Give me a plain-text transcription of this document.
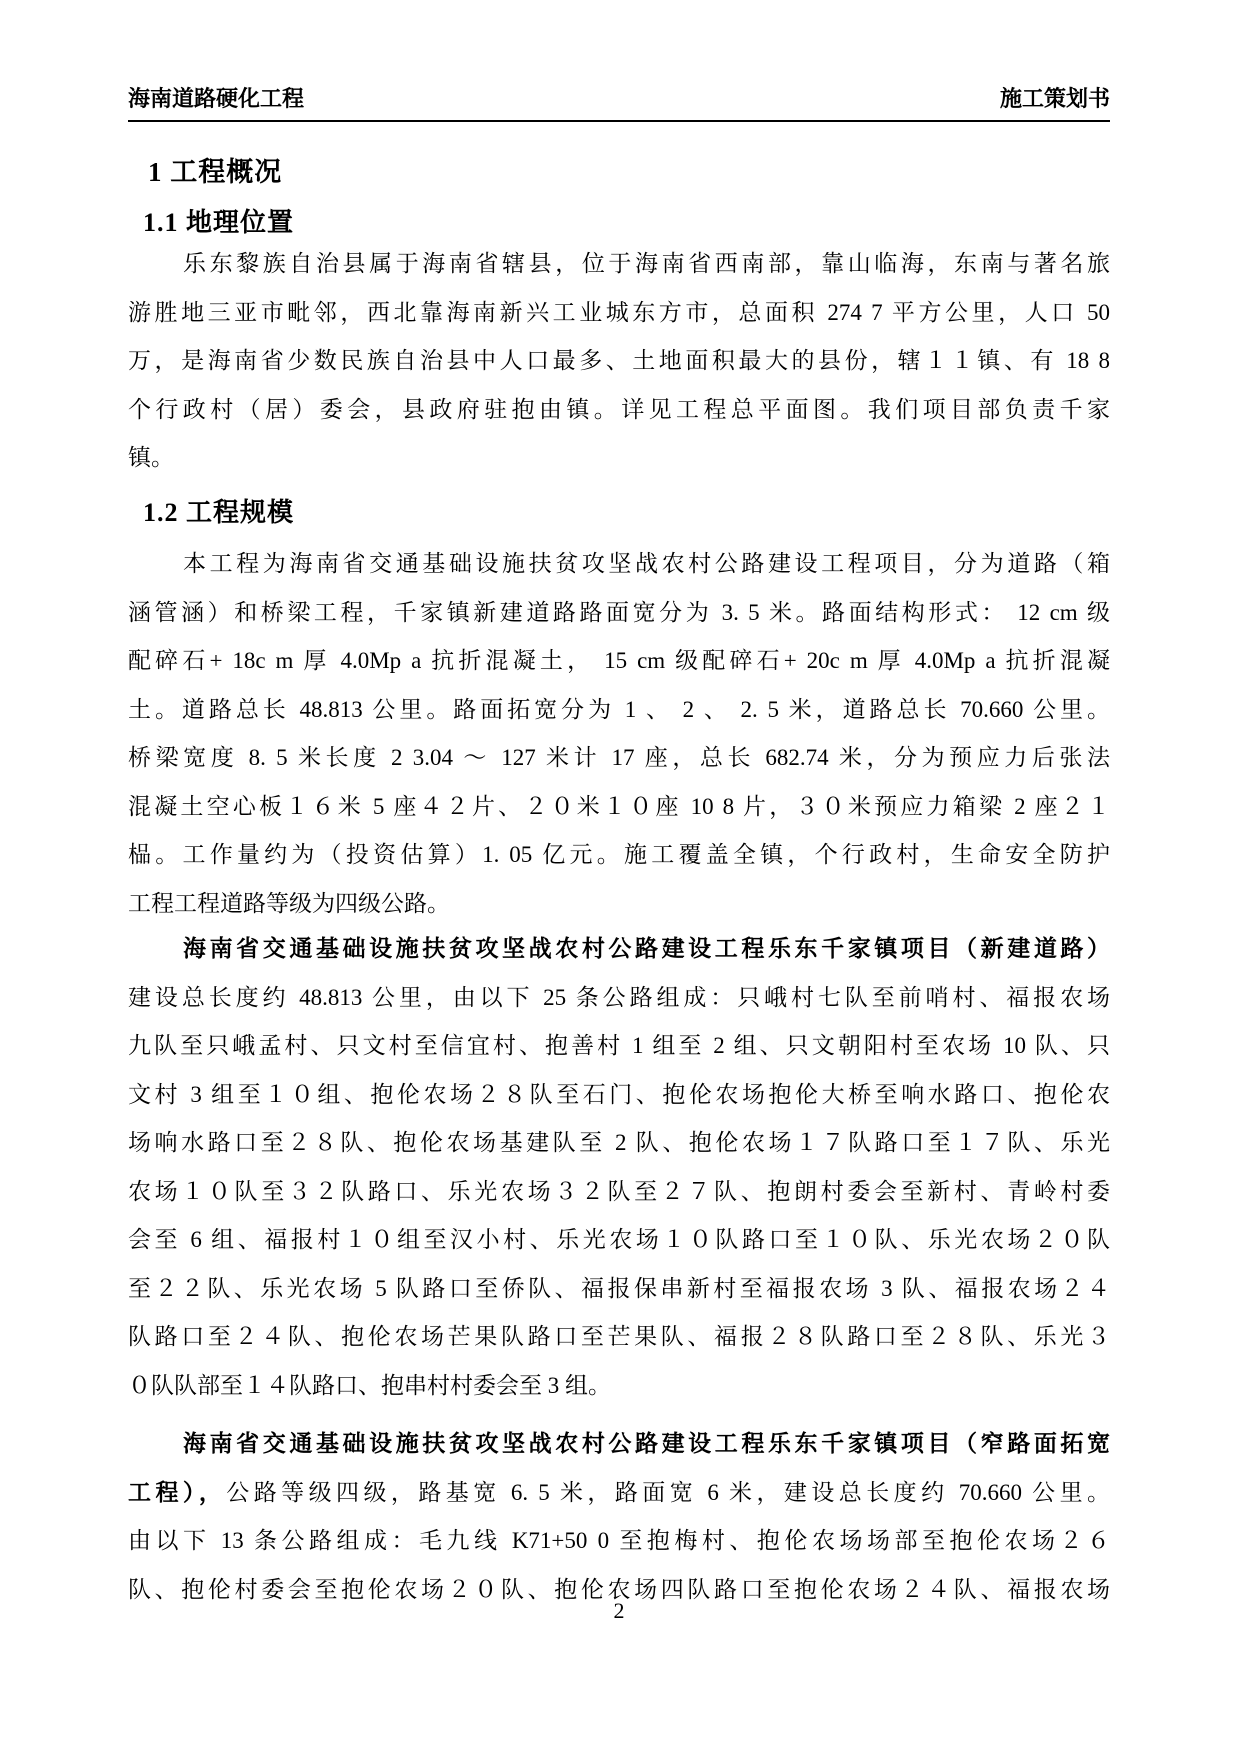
海南道路硬化工程	施工策划书
1 工程概况
1.1 地理位置
乐东黎族自治县属于海南省辖县，位于海南省西南部，靠山临海，东南与著名旅
游胜地三亚市毗邻，西北靠海南新兴工业城东方市，总面积 274 7 平方公里，人口 50
万，是海南省少数民族自治县中人口最多、土地面积最大的县份，辖１１镇、有 18 8
个行政村（居）委会，县政府驻抱由镇。详见工程总平面图。我们项目部负责千家
镇。
1.2 工程规模
本工程为海南省交通基础设施扶贫攻坚战农村公路建设工程项目，分为道路（箱
涵管涵）和桥梁工程，千家镇新建道路路面宽分为 3. 5 米。路面结构形式： 12 cm 级
配碎石+ 18c m 厚 4.0Mp a 抗折混凝土， 15 cm 级配碎石+ 20c m 厚 4.0Mp a 抗折混凝
土。道路总长 48.813 公里。路面拓宽分为 1 、 2 、 2. 5 米，道路总长 70.660 公里。
桥梁宽度 8. 5 米长度 2 3.04 ～ 127 米计 17 座，总长 682.74 米，分为预应力后张法
混凝土空心板１６米 5 座４２片、２０米１０座 10 8 片，３０米预应力箱梁 2 座２１
榀。工作量约为（投资估算）1. 05 亿元。施工覆盖全镇，个行政村，生命安全防护
工程工程道路等级为四级公路。
海南省交通基础设施扶贫攻坚战农村公路建设工程乐东千家镇项目（新建道路）
建设总长度约 48.813 公里，由以下 25 条公路组成：只峨村七队至前哨村、福报农场
九队至只峨孟村、只文村至信宜村、抱善村 1 组至 2 组、只文朝阳村至农场 10 队、只
文村 3 组至１０组、抱伦农场２８队至石门、抱伦农场抱伦大桥至响水路口、抱伦农
场响水路口至２８队、抱伦农场基建队至 2 队、抱伦农场１７队路口至１７队、乐光
农场１０队至３２队路口、乐光农场３２队至２７队、抱朗村委会至新村、青岭村委
会至 6 组、福报村１０组至汉小村、乐光农场１０队路口至１０队、乐光农场２０队
至２２队、乐光农场 5 队路口至侨队、福报保串新村至福报农场 3 队、福报农场２４
队路口至２４队、抱伦农场芒果队路口至芒果队、福报２８队路口至２８队、乐光３
０队队部至１４队路口、抱串村村委会至 3 组。
海南省交通基础设施扶贫攻坚战农村公路建设工程乐东千家镇项目（窄路面拓宽
工程），公路等级四级，路基宽 6. 5 米，路面宽 6 米，建设总长度约 70.660 公里。
由以下 13 条公路组成：毛九线 K71+50 0 至抱梅村、抱伦农场场部至抱伦农场２６
队、抱伦村委会至抱伦农场２０队、抱伦农场四队路口至抱伦农场２４队、福报农场
2
